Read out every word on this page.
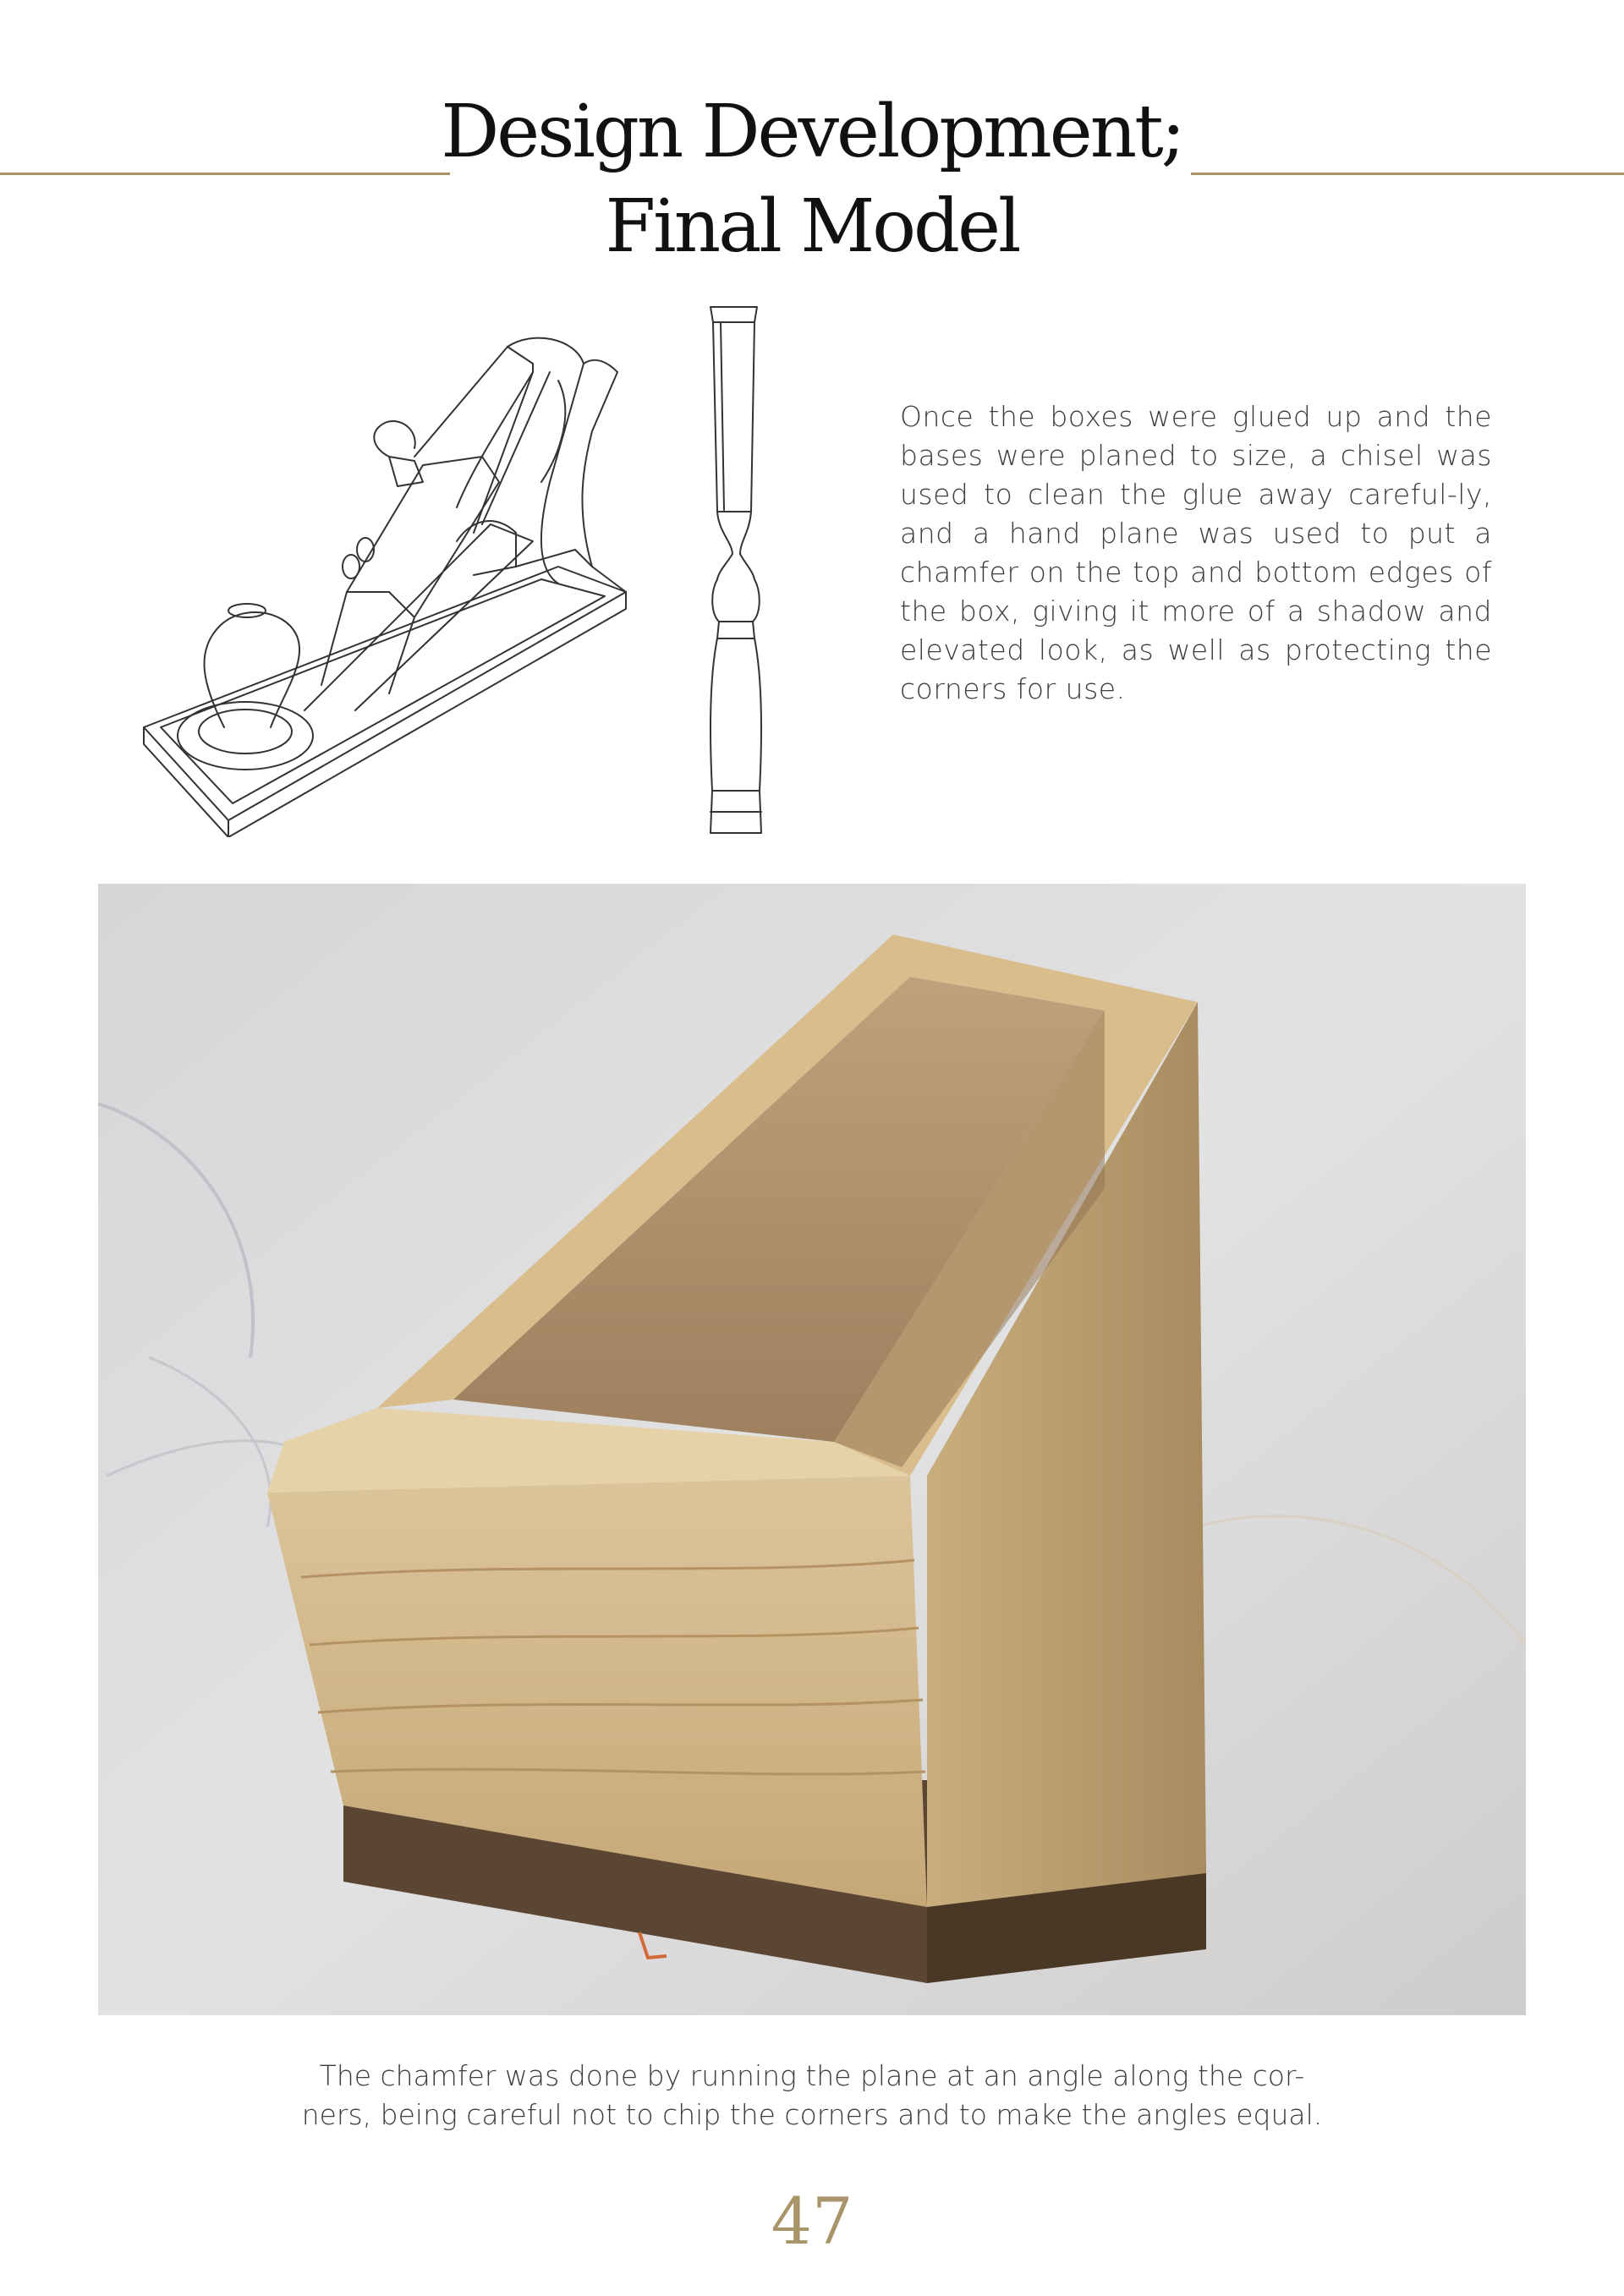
Design Development;
Final Model

Once the boxes were glued up and the bases were planed to size, a chisel was used to clean the glue away careful-ly, and a hand plane was used to put a chamfer on the top and bottom edges of the box, giving it more of a shadow and elevated look, as well as protecting the corners for use.

The chamfer was done by running the plane at an angle along the cor-
ners, being careful not to chip the corners and to make the angles equal.

47
